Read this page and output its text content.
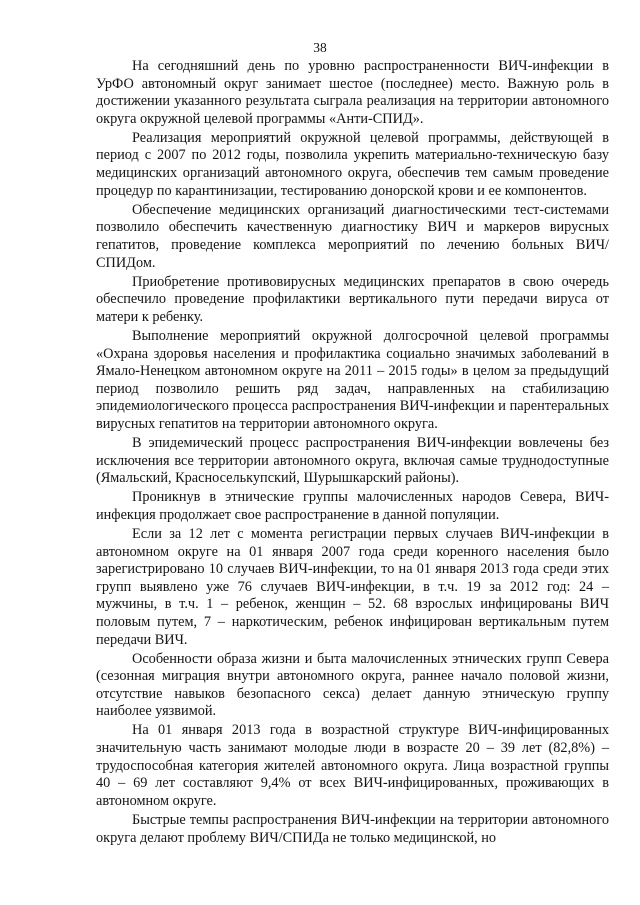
38

На сегодняшний день по уровню распространенности ВИЧ-инфекции в УрФО автономный округ занимает шестое (последнее) место. Важную роль в достижении указанного результата сыграла реализация на территории автономного округа окружной целевой программы «Анти-СПИД».

Реализация мероприятий окружной целевой программы, действующей в период с 2007 по 2012 годы, позволила укрепить материально-техническую базу медицинских организаций автономного округа, обеспечив тем самым проведение процедур по карантинизации, тестированию донорской крови и ее компонентов.

Обеспечение медицинских организаций диагностическими тест-системами позволило обеспечить качественную диагностику ВИЧ и маркеров вирусных гепатитов, проведение комплекса мероприятий по лечению больных ВИЧ/СПИДом.

Приобретение противовирусных медицинских препаратов в свою очередь обеспечило проведение профилактики вертикального пути передачи вируса от матери к ребенку.

Выполнение мероприятий окружной долгосрочной целевой программы «Охрана здоровья населения и профилактика социально значимых заболеваний в Ямало-Ненецком автономном округе на 2011 – 2015 годы» в целом за предыдущий период позволило решить ряд задач, направленных на стабилизацию эпидемиологического процесса распространения ВИЧ-инфекции и парентеральных вирусных гепатитов на территории автономного округа.

В эпидемический процесс распространения ВИЧ-инфекции вовлечены без исключения все территории автономного округа, включая самые труднодоступные (Ямальский, Красноселькупский, Шурышкарский районы).

Проникнув в этнические группы малочисленных народов Севера, ВИЧ-инфекция продолжает свое распространение в данной популяции.

Если за 12 лет с момента регистрации первых случаев ВИЧ-инфекции в автономном округе на 01 января 2007 года среди коренного населения было зарегистрировано 10 случаев ВИЧ-инфекции, то на 01 января 2013 года среди этих групп выявлено уже 76 случаев ВИЧ-инфекции, в т.ч. 19 за 2012 год: 24 – мужчины, в т.ч. 1 – ребенок, женщин – 52. 68 взрослых инфицированы ВИЧ половым путем, 7 – наркотическим, ребенок инфицирован вертикальным путем передачи ВИЧ.

Особенности образа жизни и быта малочисленных этнических групп Севера (сезонная миграция внутри автономного округа, раннее начало половой жизни, отсутствие навыков безопасного секса) делает данную этническую группу наиболее уязвимой.

На 01 января 2013 года в возрастной структуре ВИЧ-инфицированных значительную часть занимают молодые люди в возрасте 20 – 39 лет (82,8%) – трудоспособная категория жителей автономного округа. Лица возрастной группы 40 – 69 лет составляют 9,4% от всех ВИЧ-инфицированных, проживающих в автономном округе.

Быстрые темпы распространения ВИЧ-инфекции на территории автономного округа делают проблему ВИЧ/СПИДа не только медицинской, но
